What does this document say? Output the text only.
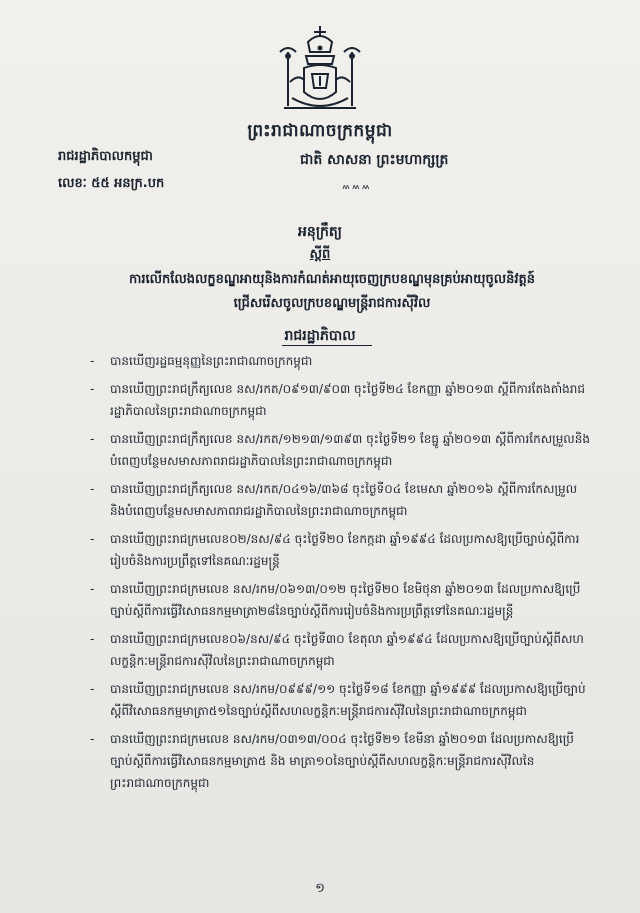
ព្រះរាជាណាចក្រកម្ពុជា
រាជរដ្ឋាភិបាលកម្ពុជា
លេខៈ ៥៥ អនក្រ.បក
ជាតិ សាសនា ព្រះមហាក្សត្រ
៳៳៳
អនុក្រឹត្យ
ស្ដីពី
ការលើកលែងលក្ខខណ្ឌអាយុនិងការកំណត់អាយុចេញក្របខណ្ឌមុនគ្រប់អាយុចូលនិវត្តន៍
ជ្រើសរើសចូលក្របខណ្ឌមន្ត្រីរាជការស៊ីវិល
រាជរដ្ឋាភិបាល
- បានឃើញរដ្ឋធម្មនុញ្ញនៃព្រះរាជាណាចក្រកម្ពុជា
- បានឃើញព្រះរាជក្រឹត្យលេខ នស/រកត/០៩១៣/៩០៣ ចុះថ្ងៃទី២៤ ខែកញ្ញា ឆ្នាំ២០១៣ ស្ដីពីការតែងតាំងរាជរដ្ឋាភិបាលនៃព្រះរាជាណាចក្រកម្ពុជា
- បានឃើញព្រះរាជក្រឹត្យលេខ នស/រកត/១២១៣/១៣៩៣ ចុះថ្ងៃទី២១ ខែធ្នូ ឆ្នាំ២០១៣ ស្ដីពីការកែសម្រួលនិងបំពេញបន្ថែមសមាសភាពរាជរដ្ឋាភិបាលនៃព្រះរាជាណាចក្រកម្ពុជា
- បានឃើញព្រះរាជក្រឹត្យលេខ នស/រកត/០៤១៦/៣៦៨ ចុះថ្ងៃទី០៤ ខែមេសា ឆ្នាំ២០១៦ ស្ដីពីការកែសម្រួលនិងបំពេញបន្ថែមសមាសភាពរាជរដ្ឋាភិបាលនៃព្រះរាជាណាចក្រកម្ពុជា
- បានឃើញព្រះរាជក្រមលេខ០២/នស/៩៤ ចុះថ្ងៃទី២០ ខែកក្កដា ឆ្នាំ១៩៩៤ ដែលប្រកាសឱ្យប្រើច្បាប់ស្ដីពីការរៀបចំនិងការប្រព្រឹត្តទៅនៃគណៈរដ្ឋមន្ត្រី
- បានឃើញព្រះរាជក្រមលេខ នស/រកម/០៦១៣/០១២ ចុះថ្ងៃទី២០ ខែមិថុនា ឆ្នាំ២០១៣ ដែលប្រកាសឱ្យប្រើច្បាប់ស្ដីពីការធ្វើវិសោធនកម្មមាត្រា២៨នៃច្បាប់ស្ដីពីការរៀបចំនិងការប្រព្រឹត្តទៅនៃគណៈរដ្ឋមន្ត្រី
- បានឃើញព្រះរាជក្រមលេខ០៦/នស/៩៤ ចុះថ្ងៃទី៣០ ខែតុលា ឆ្នាំ១៩៩៤ ដែលប្រកាសឱ្យប្រើច្បាប់ស្ដីពីសហលក្ខន្តិកៈមន្ត្រីរាជការស៊ីវិលនៃព្រះរាជាណាចក្រកម្ពុជា
- បានឃើញព្រះរាជក្រមលេខ នស/រកម/០៩៩៩/១១ ចុះថ្ងៃទី១៨ ខែកញ្ញា ឆ្នាំ១៩៩៩ ដែលប្រកាសឱ្យប្រើច្បាប់ស្ដីពីវិសោធនកម្មមាត្រា៥១នៃច្បាប់ស្ដីពីសហលក្ខន្តិកៈមន្ត្រីរាជការស៊ីវិលនៃព្រះរាជាណាចក្រកម្ពុជា
- បានឃើញព្រះរាជក្រមលេខ នស/រកម/០៣១៣/០០៤ ចុះថ្ងៃទី២១ ខែមីនា ឆ្នាំ២០១៣ ដែលប្រកាសឱ្យប្រើច្បាប់ស្ដីពីការធ្វើវិសោធនកម្មមាត្រា៥ និង មាត្រា១០នៃច្បាប់ស្ដីពីសហលក្ខន្តិកៈមន្ត្រីរាជការស៊ីវិលនៃព្រះរាជាណាចក្រកម្ពុជា
១
